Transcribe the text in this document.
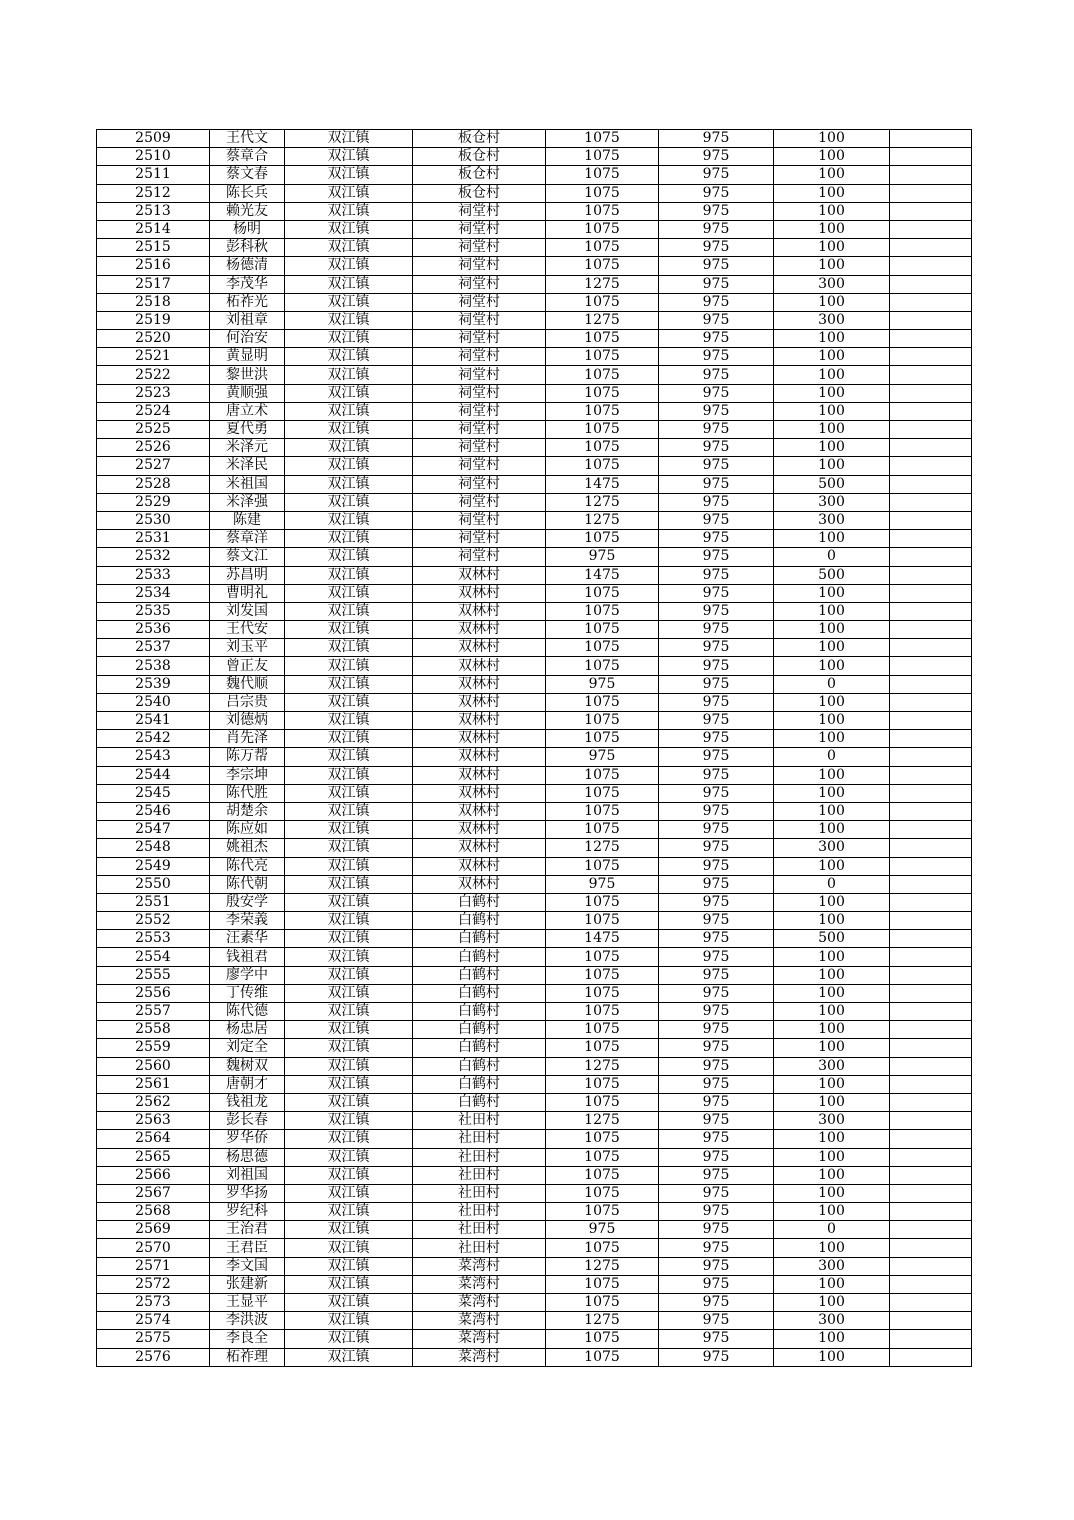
2509	王代文	双江镇	板仓村	1075	975	100	
2510	蔡章合	双江镇	板仓村	1075	975	100	
2511	蔡文春	双江镇	板仓村	1075	975	100	
2512	陈长兵	双江镇	板仓村	1075	975	100	
2513	赖光友	双江镇	祠堂村	1075	975	100	
2514	杨明	双江镇	祠堂村	1075	975	100	
2515	彭科秋	双江镇	祠堂村	1075	975	100	
2516	杨德清	双江镇	祠堂村	1075	975	100	
2517	李茂华	双江镇	祠堂村	1275	975	300	
2518	柘祚光	双江镇	祠堂村	1075	975	100	
2519	刘祖章	双江镇	祠堂村	1275	975	300	
2520	何治安	双江镇	祠堂村	1075	975	100	
2521	黄显明	双江镇	祠堂村	1075	975	100	
2522	黎世洪	双江镇	祠堂村	1075	975	100	
2523	黄顺强	双江镇	祠堂村	1075	975	100	
2524	唐立术	双江镇	祠堂村	1075	975	100	
2525	夏代勇	双江镇	祠堂村	1075	975	100	
2526	米泽元	双江镇	祠堂村	1075	975	100	
2527	米泽民	双江镇	祠堂村	1075	975	100	
2528	米祖国	双江镇	祠堂村	1475	975	500	
2529	米泽强	双江镇	祠堂村	1275	975	300	
2530	陈建	双江镇	祠堂村	1275	975	300	
2531	蔡章洋	双江镇	祠堂村	1075	975	100	
2532	蔡文江	双江镇	祠堂村	975	975	0	
2533	苏昌明	双江镇	双林村	1475	975	500	
2534	曹明礼	双江镇	双林村	1075	975	100	
2535	刘发国	双江镇	双林村	1075	975	100	
2536	王代安	双江镇	双林村	1075	975	100	
2537	刘玉平	双江镇	双林村	1075	975	100	
2538	曾正友	双江镇	双林村	1075	975	100	
2539	魏代顺	双江镇	双林村	975	975	0	
2540	吕宗贵	双江镇	双林村	1075	975	100	
2541	刘德炳	双江镇	双林村	1075	975	100	
2542	肖先泽	双江镇	双林村	1075	975	100	
2543	陈万帮	双江镇	双林村	975	975	0	
2544	李宗坤	双江镇	双林村	1075	975	100	
2545	陈代胜	双江镇	双林村	1075	975	100	
2546	胡楚余	双江镇	双林村	1075	975	100	
2547	陈应如	双江镇	双林村	1075	975	100	
2548	姚祖杰	双江镇	双林村	1275	975	300	
2549	陈代亮	双江镇	双林村	1075	975	100	
2550	陈代朝	双江镇	双林村	975	975	0	
2551	殷安学	双江镇	白鹤村	1075	975	100	
2552	李荣義	双江镇	白鹤村	1075	975	100	
2553	汪素华	双江镇	白鹤村	1475	975	500	
2554	钱祖君	双江镇	白鹤村	1075	975	100	
2555	廖学中	双江镇	白鹤村	1075	975	100	
2556	丁传维	双江镇	白鹤村	1075	975	100	
2557	陈代德	双江镇	白鹤村	1075	975	100	
2558	杨忠居	双江镇	白鹤村	1075	975	100	
2559	刘定全	双江镇	白鹤村	1075	975	100	
2560	魏树双	双江镇	白鹤村	1275	975	300	
2561	唐朝才	双江镇	白鹤村	1075	975	100	
2562	钱祖龙	双江镇	白鹤村	1075	975	100	
2563	彭长春	双江镇	社田村	1275	975	300	
2564	罗华侨	双江镇	社田村	1075	975	100	
2565	杨思德	双江镇	社田村	1075	975	100	
2566	刘祖国	双江镇	社田村	1075	975	100	
2567	罗华扬	双江镇	社田村	1075	975	100	
2568	罗纪科	双江镇	社田村	1075	975	100	
2569	王治君	双江镇	社田村	975	975	0	
2570	王君臣	双江镇	社田村	1075	975	100	
2571	李文国	双江镇	菜湾村	1275	975	300	
2572	张建新	双江镇	菜湾村	1075	975	100	
2573	王显平	双江镇	菜湾村	1075	975	100	
2574	李洪波	双江镇	菜湾村	1275	975	300	
2575	李良全	双江镇	菜湾村	1075	975	100	
2576	柘祚理	双江镇	菜湾村	1075	975	100	
